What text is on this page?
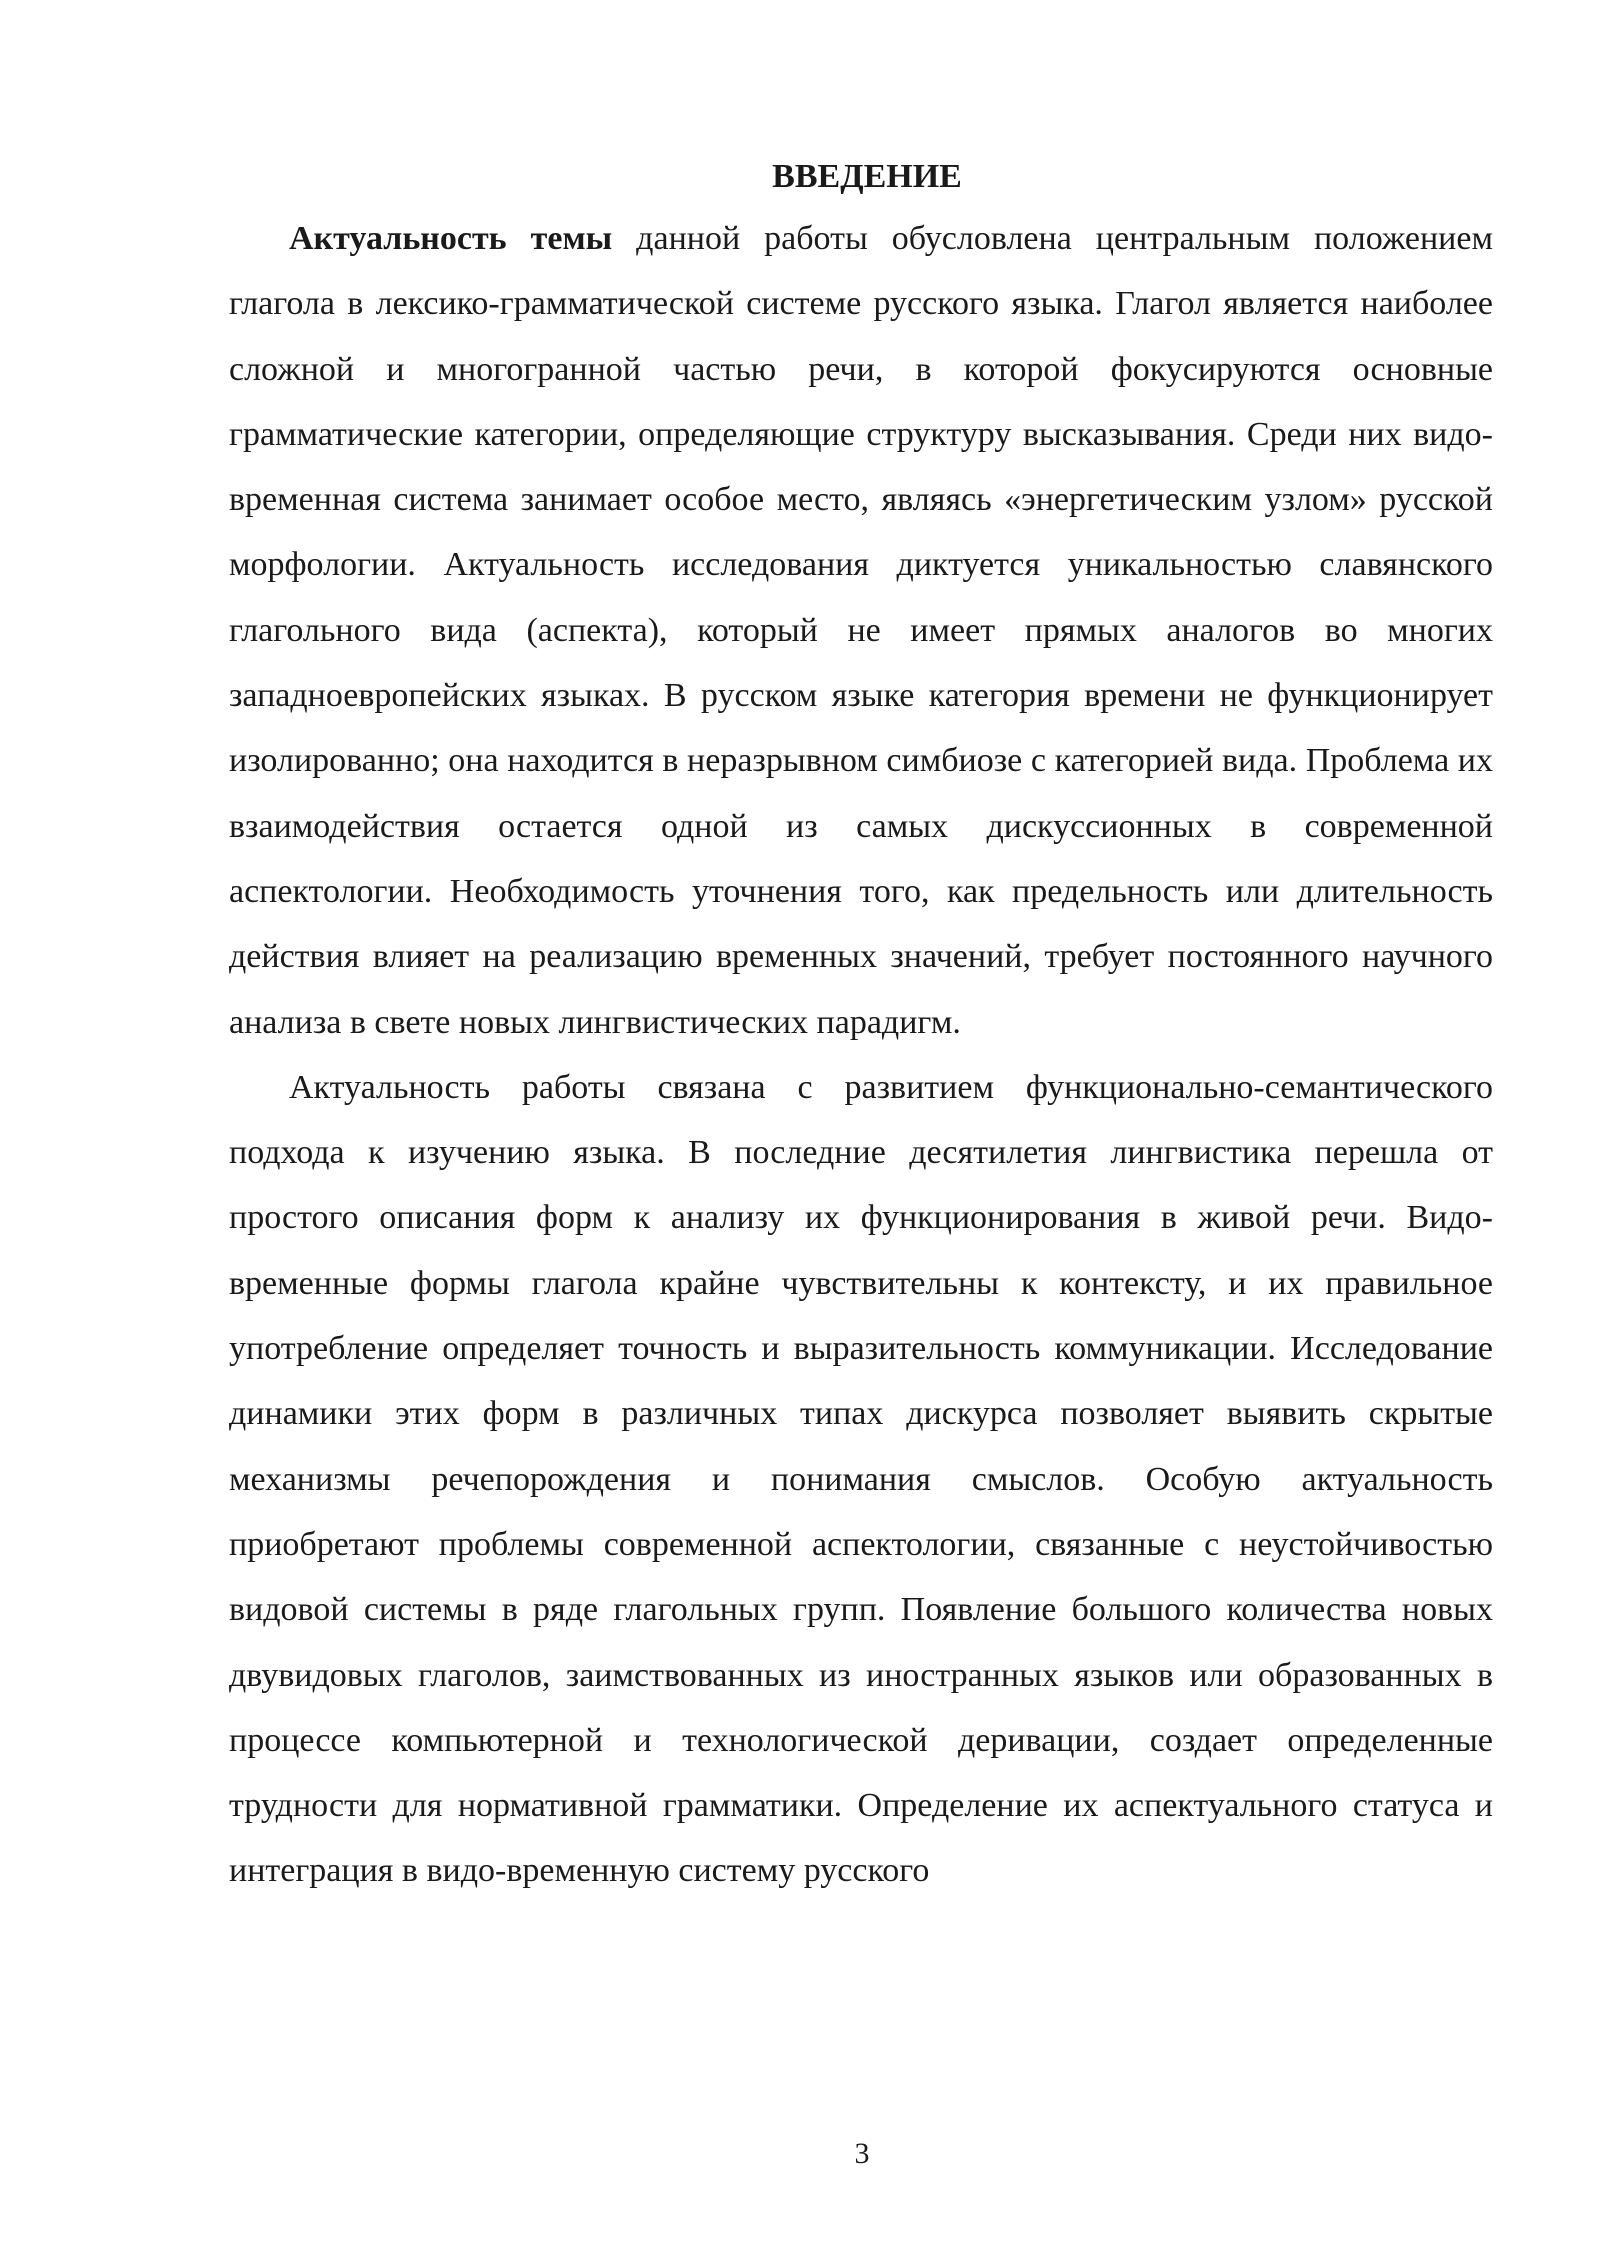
ВВЕДЕНИЕ

Актуальность темы данной работы обусловлена центральным положением глагола в лексико-грамматической системе русского языка. Глагол является наиболее сложной и многогранной частью речи, в которой фокусируются основные грамматические категории, определяющие структуру высказывания. Среди них видо-временная система занимает особое место, являясь «энергетическим узлом» русской морфологии. Актуальность исследования диктуется уникальностью славянского глагольного вида (аспекта), который не имеет прямых аналогов во многих западноевропейских языках. В русском языке категория времени не функционирует изолированно; она находится в неразрывном симбиозе с категорией вида. Проблема их взаимодействия остается одной из самых дискуссионных в современной аспектологии. Необходимость уточнения того, как предельность или длительность действия влияет на реализацию временных значений, требует постоянного научного анализа в свете новых лингвистических парадигм.

Актуальность работы связана с развитием функционально-семантического подхода к изучению языка. В последние десятилетия лингвистика перешла от простого описания форм к анализу их функционирования в живой речи. Видо-временные формы глагола крайне чувствительны к контексту, и их правильное употребление определяет точность и выразительность коммуникации. Исследование динамики этих форм в различных типах дискурса позволяет выявить скрытые механизмы речепорождения и понимания смыслов. Особую актуальность приобретают проблемы современной аспектологии, связанные с неустойчивостью видовой системы в ряде глагольных групп. Появление большого количества новых двувидовых глаголов, заимствованных из иностранных языков или образованных в процессе компьютерной и технологической деривации, создает определенные трудности для нормативной грамматики. Определение их аспектуального статуса и интеграция в видо-временную систему русского

3
